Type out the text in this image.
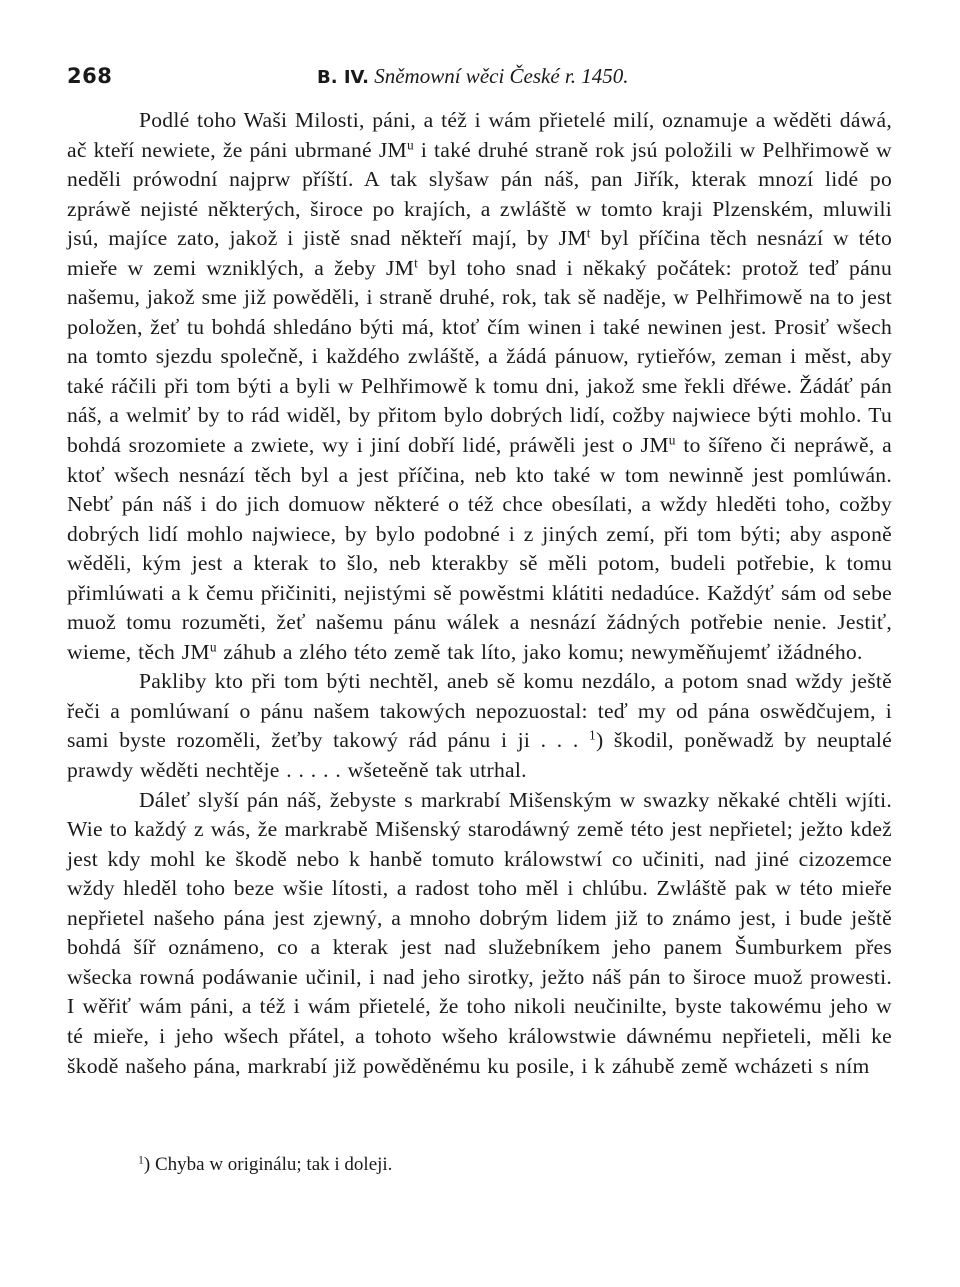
268	B. IV. Sněmowní wěci České r. 1450.

Podlé toho Waši Milosti, páni, a též i wám přietelé milí, oznamuje a wěděti dáwá, ač kteří newiete, že páni ubrmané $JM^u$ i také druhé straně rok jsú položili w Pelhřimowě w neděli prówodní najprw příští. A tak slyšaw pán náš, pan Jiřík, kterak mnozí lidé po zpráwě nejisté některých, široce po krajích, a zwláště w tomto kraji Plzenském, mluwili jsú, majíce zato, jakož i jistě snad někteří mají, by $JM^t$ byl příčina těch nesnází w této mieře w zemi wzniklých, a žeby $JM^t$ byl toho snad i někaký počátek: protož teď pánu našemu, jakož sme již powěděli, i straně druhé, rok, tak sě naděje, w Pelhřimowě na to jest položen, žeť tu bohdá shledáno býti má, ktoť čím winen i také newinen jest. Prosiť wšech na tomto sjezdu společně, i každého zwláště, a žádá pánuow, rytieřów, zeman i měst, aby také ráčili při tom býti a byli w Pelhřimowě k tomu dni, jakož sme řekli dřéwe. Žádáť pán náš, a welmiť by to rád widěl, by přitom bylo dobrých lidí, cožby najwiece býti mohlo. Tu bohdá srozomiete a zwiete, wy i jiní dobří lidé, práwěli jest o $JM^u$ to šířeno či nepráwě, a ktoť wšech nesnází těch byl a jest příčina, neb kto také w tom newinně jest pomlúwán. Nebť pán náš i do jich domuow některé o též chce obesílati, a wždy hleděti toho, cožby dobrých lidí mohlo najwiece, by bylo podobné i z jiných zemí, při tom býti; aby asponě wěděli, kým jest a kterak to šlo, neb kterakby sě měli potom, budeli potřebie, k tomu přimlúwati a k čemu přičiniti, nejistými sě powěstmi klátiti nedadúce. Každýť sám od sebe muož tomu rozuměti, žeť našemu pánu wálek a nesnází žádných potřebie nenie. Jestiť, wieme, těch $JM^u$ záhub a zlého této země tak líto, jako komu; newyměňujemť ižádného.

Pakliby kto při tom býti nechtěl, aneb sě komu nezdálo, a potom snad wždy ještě řeči a pomlúwaní o pánu našem takowých nepozuostal: teď my od pána oswědčujem, i sami byste rozoměli, žeťby takowý rád pánu i ji . . . $^1$) škodil, poněwadž by neuptalé prawdy wěděti nechtěje . . . . . wšeteěně tak utrhal.

Dáleť slyší pán náš, žebyste s markrabí Mišenským w swazky někaké chtěli wjíti. Wie to každý z wás, že markrabě Mišenský starodáwný země této jest nepřietel; ježto kdež jest kdy mohl ke škodě nebo k hanbě tomuto králowstwí co učiniti, nad jiné cizozemce wždy hleděl toho beze wšie lítosti, a radost toho měl i chlúbu. Zwláště pak w této mieře nepřietel našeho pána jest zjewný, a mnoho dobrým lidem již to známo jest, i bude ještě bohdá šíř oznámeno, co a kterak jest nad služebníkem jeho panem Šumburkem přes wšecka rowná podáwanie učinil, i nad jeho sirotky, ježto náš pán to široce muož prowesti. I wěřiť wám páni, a též i wám přietelé, že toho nikoli neučinilte, byste takowému jeho w té mieře, i jeho wšech přátel, a tohoto wšeho králowstwie dáwnému nepřieteli, měli ke škodě našeho pána, markrabí již powěděnému ku posile, i k záhubě země wcházeti s ním

$^1$) Chyba w originálu; tak i doleji.
